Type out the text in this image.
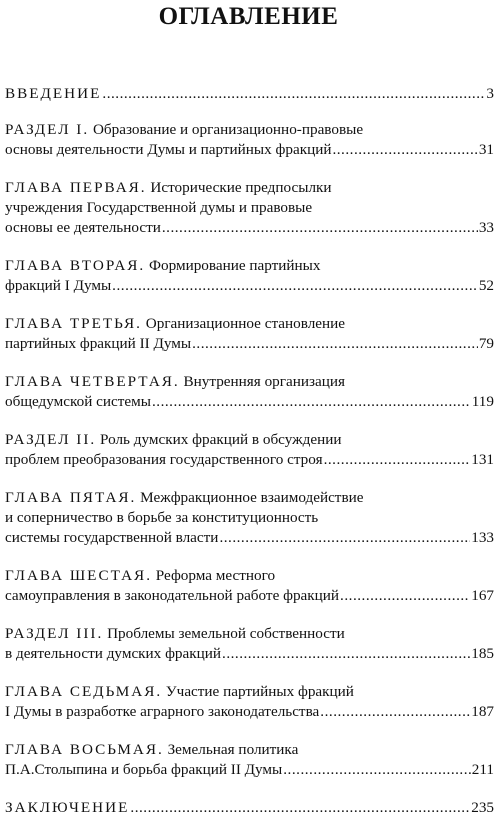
ОГЛАВЛЕНИЕ
ВВЕДЕНИЕ .....	3
РАЗДЕЛ I. Образование и организационно-правовые
основы деятельности Думы и партийных фракций .....	31
ГЛАВА ПЕРВАЯ. Исторические предпосылки
учреждения Государственной думы и правовые
основы ее деятельности .....	33
ГЛАВА ВТОРАЯ. Формирование партийных
фракций I Думы .....	52
ГЛАВА ТРЕТЬЯ. Организационное становление
партийных фракций II Думы .....	79
ГЛАВА ЧЕТВЕРТАЯ. Внутренняя организация
общедумской системы .....	119
РАЗДЕЛ II. Роль думских фракций в обсуждении
проблем преобразования государственного строя .....	131
ГЛАВА ПЯТАЯ. Межфракционное взаимодействие
и соперничество в борьбе за конституционность
системы государственной власти .....	133
ГЛАВА ШЕСТАЯ. Реформа местного
самоуправления в законодательной работе фракций .....	167
РАЗДЕЛ III. Проблемы земельной собственности
в деятельности думских фракций .....	185
ГЛАВА СЕДЬМАЯ. Участие партийных фракций
I Думы в разработке аграрного законодательства .....	187
ГЛАВА ВОСЬМАЯ. Земельная политика
П.А.Столыпина и борьба фракций II Думы .....	211
ЗАКЛЮЧЕНИЕ .....	235
